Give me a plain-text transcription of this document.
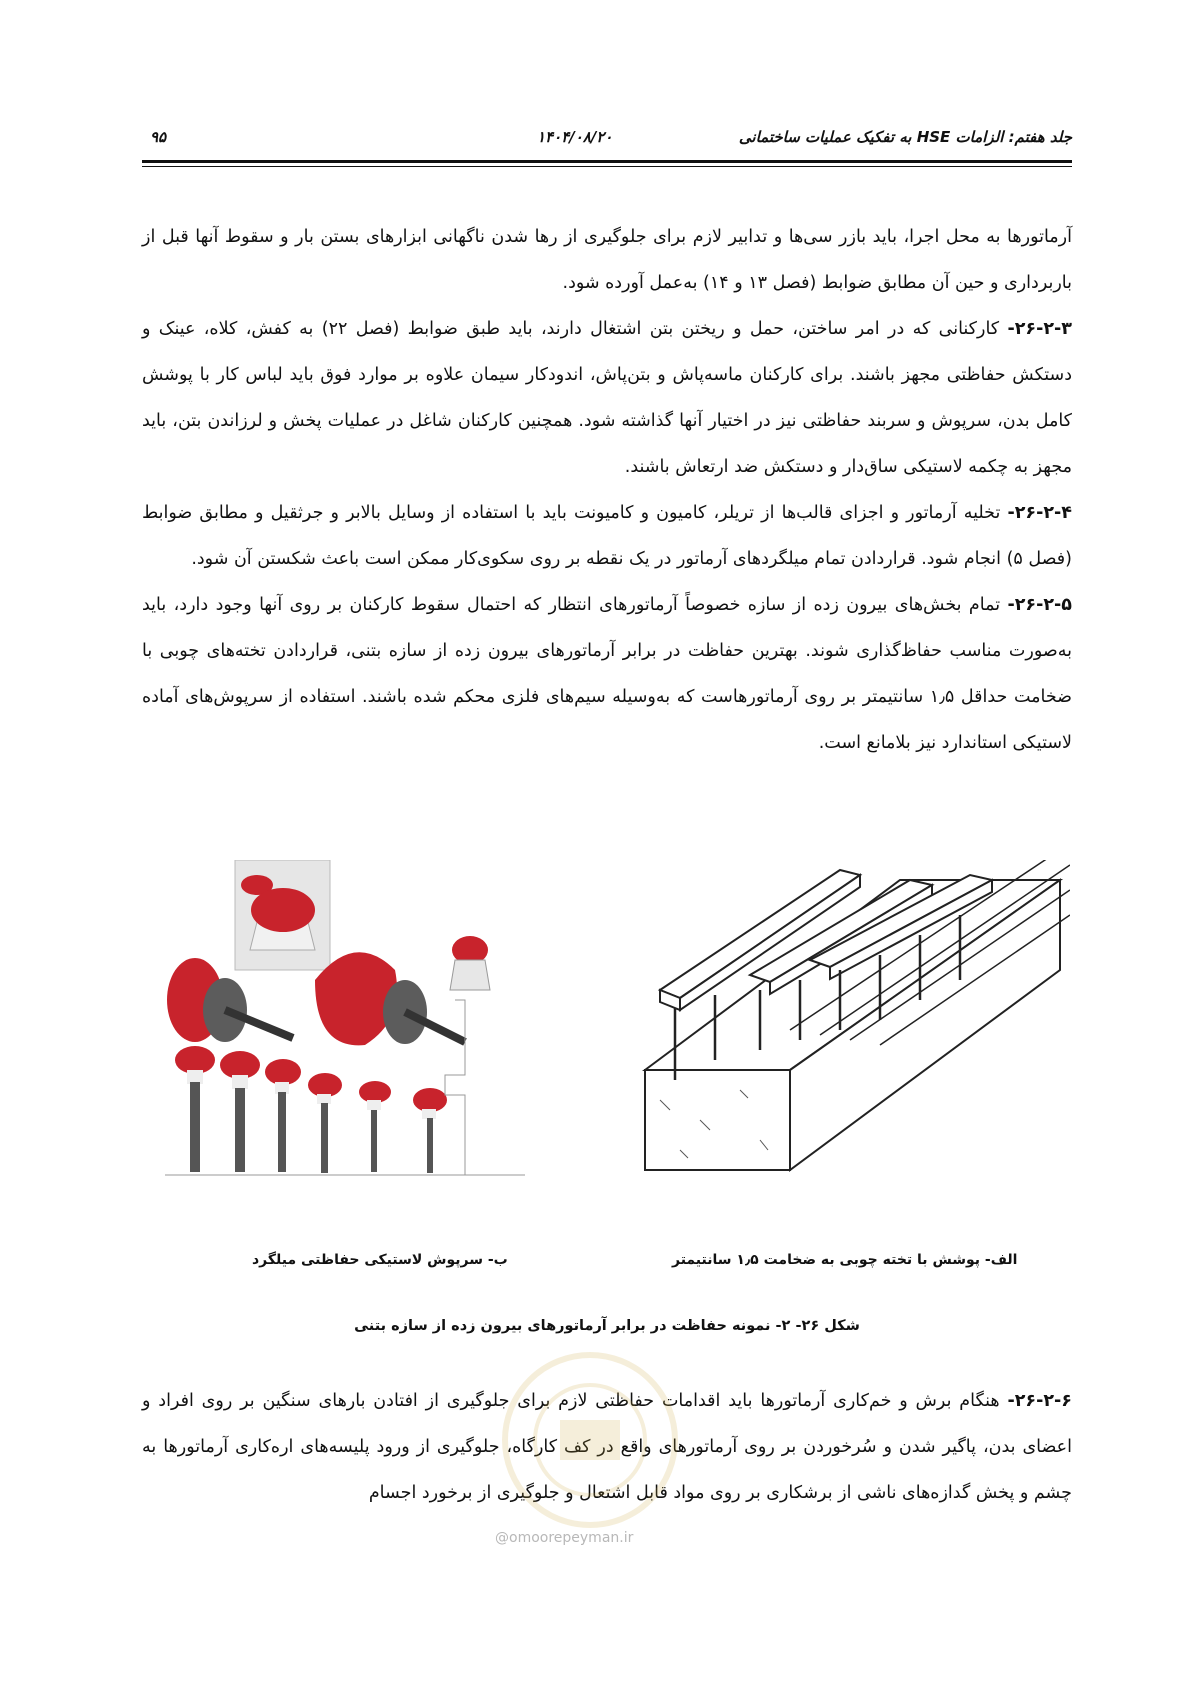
جلد هفتم: الزامات HSE به تفکیک عملیات ساختمانی
۱۴۰۴/۰۸/۲۰
۹۵

آرماتورها به محل اجرا، باید بازر سی‌ها و تدابیر لازم برای جلوگیری از رها شدن ناگهانی ابزارهای بستن بار و سقوط آنها قبل از باربرداری و حین آن مطابق ضوابط (فصل ۱۳ و ۱۴) به‌عمل آورده شود.

۲۶-۲-۳- کارکنانی که در امر ساختن، حمل و ریختن بتن اشتغال دارند، باید طبق ضوابط (فصل ۲۲) به کفش، کلاه، عینک و دستکش حفاظتی مجهز باشند. برای کارکنان ماسه‌پاش و بتن‌پاش، اندودکار سیمان علاوه بر موارد فوق باید لباس کار با پوشش کامل بدن، سرپوش و سربند حفاظتی نیز در اختیار آنها گذاشته شود. همچنین کارکنان شاغل در عملیات پخش و لرزاندن بتن، باید مجهز به چکمه لاستیکی ساق‌دار و دستکش ضد ارتعاش باشند.

۲۶-۲-۴- تخلیه آرماتور و اجزای قالب‌ها از تریلر، کامیون و کامیونت باید با استفاده از وسایل بالابر و جرثقیل و مطابق ضوابط (فصل ۵) انجام شود. قراردادن تمام میلگردهای آرماتور در یک نقطه بر روی سکوی‌کار ممکن است باعث شکستن آن شود.

۲۶-۲-۵- تمام بخش‌های بیرون زده از سازه خصوصاً آرماتورهای انتظار که احتمال سقوط کارکنان بر روی آنها وجود دارد، باید به‌صورت مناسب حفاظ‌گذاری شوند. بهترین حفاظت در برابر آرماتورهای بیرون زده از سازه بتنی، قراردادن تخته‌های چوبی با ضخامت حداقل ۱٫۵ سانتیمتر بر روی آرماتورهاست که به‌وسیله سیم‌های فلزی محکم شده باشند. استفاده از سرپوش‌های آماده لاستیکی استاندارد نیز بلامانع است.

الف- پوشش با تخته چوبی به ضخامت ۱٫۵ سانتیمتر
ب- سرپوش لاستیکی حفاظتی میلگرد
شکل ۲۶- ۲- نمونه حفاظت در برابر آرماتورهای بیرون زده از سازه بتنی

۲۶-۲-۶- هنگام برش و خم‌کاری آرماتورها باید اقدامات حفاظتی لازم برای جلوگیری از افتادن بارهای سنگین بر روی افراد و اعضای بدن، پاگیر شدن و سُرخوردن بر روی آرماتورهای واقع در کف کارگاه، جلوگیری از ورود پلیسه‌های اره‌کاری آرماتورها به چشم و پخش گدازه‌های ناشی از برشکاری بر روی مواد قابل اشتعال و جلوگیری از برخورد اجسام

@omoorepeyman.ir
